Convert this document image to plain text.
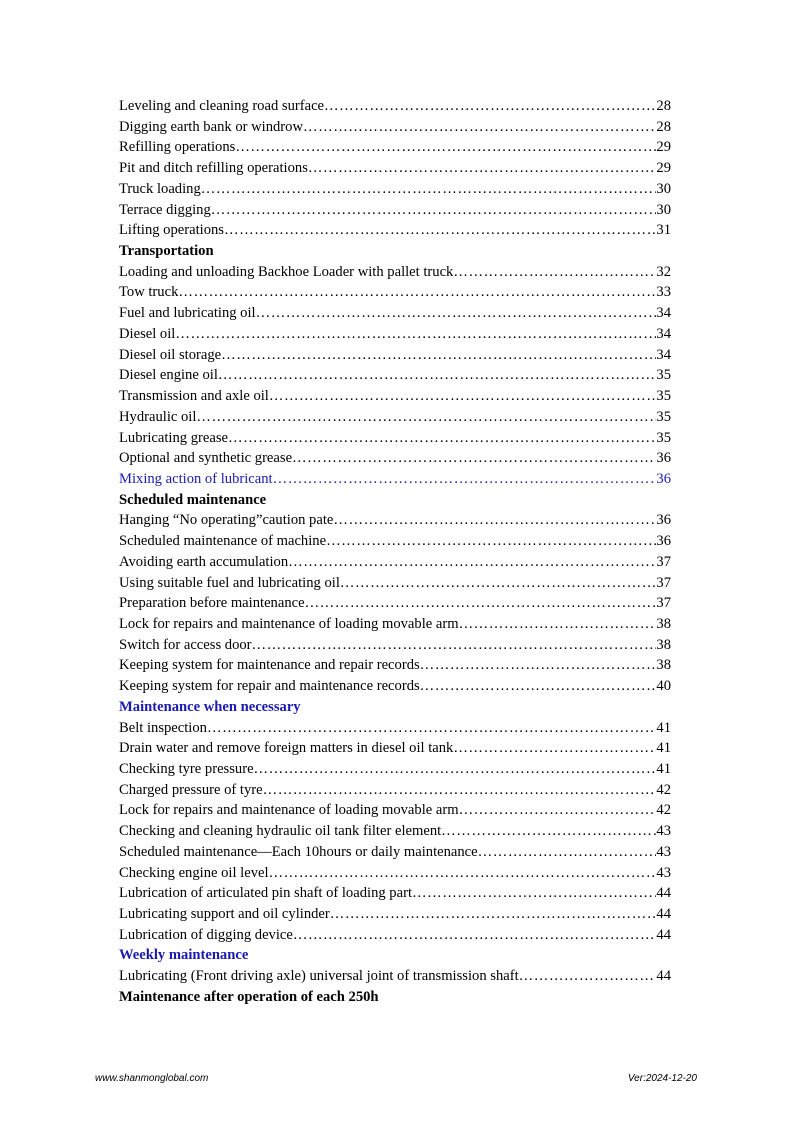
Leveling and cleaning road surface ……………………………………………………………………………………………………………………………………………………………………………	28
Digging earth bank or windrow ……………………………………………………………………………………………………………………………………………………………………………	28
Refilling operations ……………………………………………………………………………………………………………………………………………………………………………	29
Pit and ditch refilling operations ……………………………………………………………………………………………………………………………………………………………………………	29
Truck loading ……………………………………………………………………………………………………………………………………………………………………………	30
Terrace digging ……………………………………………………………………………………………………………………………………………………………………………	30
Lifting operations ……………………………………………………………………………………………………………………………………………………………………………	31
Transportation
Loading and unloading Backhoe Loader with pallet truck ……………………………………………………………………………………………………………………………………………………………………………	32
Tow truck ……………………………………………………………………………………………………………………………………………………………………………	33
Fuel and lubricating oil ……………………………………………………………………………………………………………………………………………………………………………	34
Diesel oil ……………………………………………………………………………………………………………………………………………………………………………	34
Diesel oil storage ……………………………………………………………………………………………………………………………………………………………………………	34
Diesel engine oil ……………………………………………………………………………………………………………………………………………………………………………	35
Transmission and axle oil ……………………………………………………………………………………………………………………………………………………………………………	35
Hydraulic oil ……………………………………………………………………………………………………………………………………………………………………………	35
Lubricating grease ……………………………………………………………………………………………………………………………………………………………………………	35
Optional and synthetic grease ……………………………………………………………………………………………………………………………………………………………………………	36
Mixing action of lubricant ……………………………………………………………………………………………………………………………………………………………………………	36
Scheduled maintenance
Hanging “No operating”caution pate ……………………………………………………………………………………………………………………………………………………………………………	36
Scheduled maintenance of machine ……………………………………………………………………………………………………………………………………………………………………………	36
Avoiding earth accumulation ……………………………………………………………………………………………………………………………………………………………………………	37
Using suitable fuel and lubricating oil ……………………………………………………………………………………………………………………………………………………………………………	37
Preparation before maintenance ……………………………………………………………………………………………………………………………………………………………………………	37
Lock for repairs and maintenance of loading movable arm ……………………………………………………………………………………………………………………………………………………………………………	38
Switch for access door ……………………………………………………………………………………………………………………………………………………………………………	38
Keeping system for maintenance and repair records ……………………………………………………………………………………………………………………………………………………………………………	38
Keeping system for repair and maintenance records ……………………………………………………………………………………………………………………………………………………………………………	40
Maintenance when necessary
Belt inspection ……………………………………………………………………………………………………………………………………………………………………………	41
Drain water and remove foreign matters in diesel oil tank ……………………………………………………………………………………………………………………………………………………………………………	41
Checking tyre pressure ……………………………………………………………………………………………………………………………………………………………………………	41
Charged pressure of tyre ……………………………………………………………………………………………………………………………………………………………………………	42
Lock for repairs and maintenance of loading movable arm ……………………………………………………………………………………………………………………………………………………………………………	42
Checking and cleaning hydraulic oil tank filter element ……………………………………………………………………………………………………………………………………………………………………………	43
Scheduled maintenance—Each 10hours or daily maintenance ……………………………………………………………………………………………………………………………………………………………………………	43
Checking engine oil level ……………………………………………………………………………………………………………………………………………………………………………	43
Lubrication of articulated pin shaft of loading part ……………………………………………………………………………………………………………………………………………………………………………	44
Lubricating support and oil cylinder ……………………………………………………………………………………………………………………………………………………………………………	44
Lubrication of digging device ……………………………………………………………………………………………………………………………………………………………………………	44
Weekly maintenance
Lubricating (Front driving axle) universal joint of transmission shaft ……………………………………………………………………………………………………………………………………………………………………………	44
Maintenance after operation of each 250h
www.shanmonglobal.com	Ver:2024-12-20
